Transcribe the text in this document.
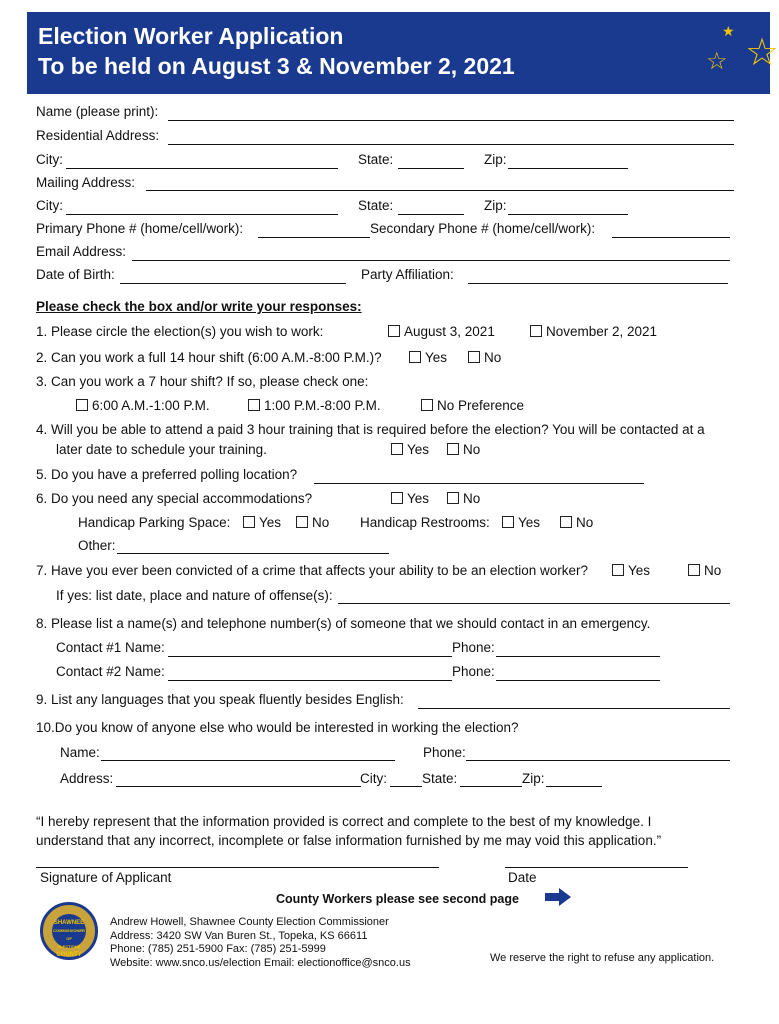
Election Worker Application
To be held on August 3 & November 2, 2021
★
☆ ☆
Name (please print):
Residential Address:
City:	State:	Zip:
Mailing Address:
City:	State:	Zip:
Primary Phone # (home/cell/work):	Secondary Phone # (home/cell/work):
Email Address:
Date of Birth:	Party Affiliation:
Please check the box and/or write your responses:
1. Please circle the election(s) you wish to work:	August 3, 2021	November 2, 2021
2. Can you work a full 14 hour shift (6:00 A.M.-8:00 P.M.)?	Yes	No
3. Can you work a 7 hour shift? If so, please check one:
6:00 A.M.-1:00 P.M.	1:00 P.M.-8:00 P.M.	No Preference
4. Will you be able to attend a paid 3 hour training that is required before the election? You will be contacted at a
later date to schedule your training.	Yes	No
5. Do you have a preferred polling location?
6. Do you need any special accommodations?	Yes	No
Handicap Parking Space:	Yes	No Handicap Restrooms:	Yes	No
Other:
7. Have you ever been convicted of a crime that affects your ability to be an election worker?	Yes	No
If yes: list date, place and nature of offense(s):
8. Please list a name(s) and telephone number(s) of someone that we should contact in an emergency.
Contact #1 Name:	Phone:
Contact #2 Name:	Phone:
9. List any languages that you speak fluently besides English:
10.Do you know of anyone else who would be interested in working the election?
Name:	Phone:
Address:	City:	State:	Zip:
“I hereby represent that the information provided is correct and complete to the best of my knowledge. I
understand that any incorrect, incomplete or false information furnished by me may void this application.”
Signature of Applicant	Date
County Workers please see second page
SHAWNEE
COMMISSIONER
OF
ELECTIONS
COUNTY
Andrew Howell, Shawnee County Election Commissioner
Address: 3420 SW Van Buren St., Topeka, KS 66611
Phone: (785) 251-5900 Fax: (785) 251-5999
Website: www.snco.us/election Email: electionoffice@snco.us	We reserve the right to refuse any application.
